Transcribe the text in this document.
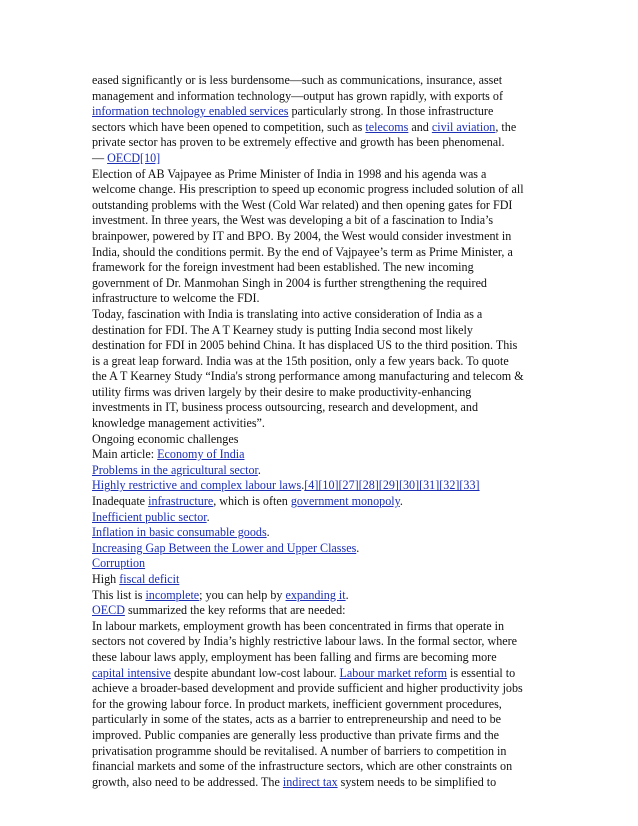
eased significantly or is less burdensome—such as communications, insurance, asset
management and information technology—output has grown rapidly, with exports of
information technology enabled services particularly strong. In those infrastructure
sectors which have been opened to competition, such as telecoms and civil aviation, the
private sector has proven to be extremely effective and growth has been phenomenal.
— OECD[10]
Election of AB Vajpayee as Prime Minister of India in 1998 and his agenda was a
welcome change. His prescription to speed up economic progress included solution of all
outstanding problems with the West (Cold War related) and then opening gates for FDI
investment. In three years, the West was developing a bit of a fascination to India’s
brainpower, powered by IT and BPO. By 2004, the West would consider investment in
India, should the conditions permit. By the end of Vajpayee’s term as Prime Minister, a
framework for the foreign investment had been established. The new incoming
government of Dr. Manmohan Singh in 2004 is further strengthening the required
infrastructure to welcome the FDI.
Today, fascination with India is translating into active consideration of India as a
destination for FDI. The A T Kearney study is putting India second most likely
destination for FDI in 2005 behind China. It has displaced US to the third position. This
is a great leap forward. India was at the 15th position, only a few years back. To quote
the A T Kearney Study “India's strong performance among manufacturing and telecom &
utility firms was driven largely by their desire to make productivity-enhancing
investments in IT, business process outsourcing, research and development, and
knowledge management activities”.
Ongoing economic challenges
Main article: Economy of India
Problems in the agricultural sector.
Highly restrictive and complex labour laws.[4][10][27][28][29][30][31][32][33]
Inadequate infrastructure, which is often government monopoly.
Inefficient public sector.
Inflation in basic consumable goods.
Increasing Gap Between the Lower and Upper Classes.
Corruption
High fiscal deficit
This list is incomplete; you can help by expanding it.
OECD summarized the key reforms that are needed:
In labour markets, employment growth has been concentrated in firms that operate in
sectors not covered by India’s highly restrictive labour laws. In the formal sector, where
these labour laws apply, employment has been falling and firms are becoming more
capital intensive despite abundant low-cost labour. Labour market reform is essential to
achieve a broader-based development and provide sufficient and higher productivity jobs
for the growing labour force. In product markets, inefficient government procedures,
particularly in some of the states, acts as a barrier to entrepreneurship and need to be
improved. Public companies are generally less productive than private firms and the
privatisation programme should be revitalised. A number of barriers to competition in
financial markets and some of the infrastructure sectors, which are other constraints on
growth, also need to be addressed. The indirect tax system needs to be simplified to
